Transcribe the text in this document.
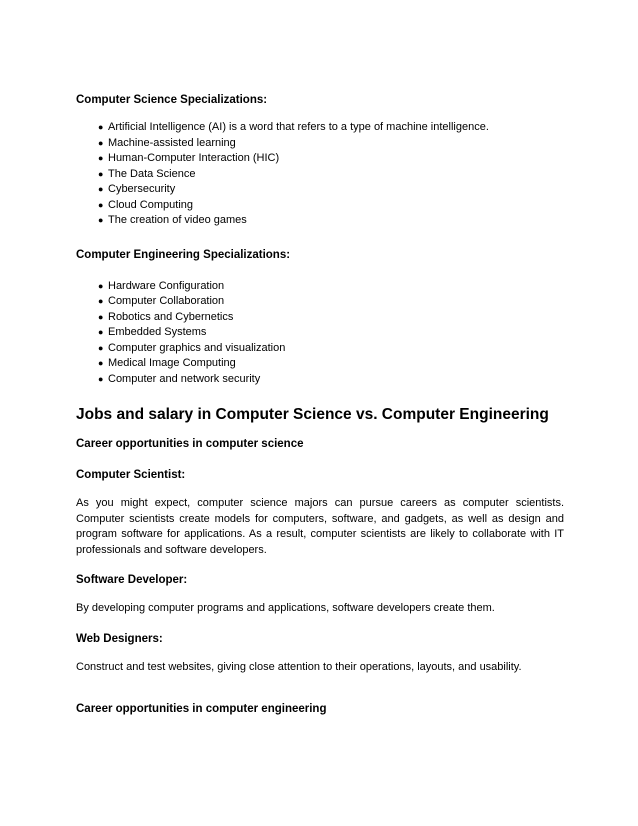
Computer Science Specializations:

● Artificial Intelligence (AI) is a word that refers to a type of machine intelligence.
● Machine-assisted learning
● Human-Computer Interaction (HIC)
● The Data Science
● Cybersecurity
● Cloud Computing
● The creation of video games

Computer Engineering Specializations:

● Hardware Configuration
● Computer Collaboration
● Robotics and Cybernetics
● Embedded Systems
● Computer graphics and visualization
● Medical Image Computing
● Computer and network security

Jobs and salary in Computer Science vs. Computer Engineering

Career opportunities in computer science

Computer Scientist:

As you might expect, computer science majors can pursue careers as computer scientists. Computer scientists create models for computers, software, and gadgets, as well as design and program software for applications. As a result, computer scientists are likely to collaborate with IT professionals and software developers.

Software Developer:

By developing computer programs and applications, software developers create them.

Web Designers:

Construct and test websites, giving close attention to their operations, layouts, and usability.

Career opportunities in computer engineering
